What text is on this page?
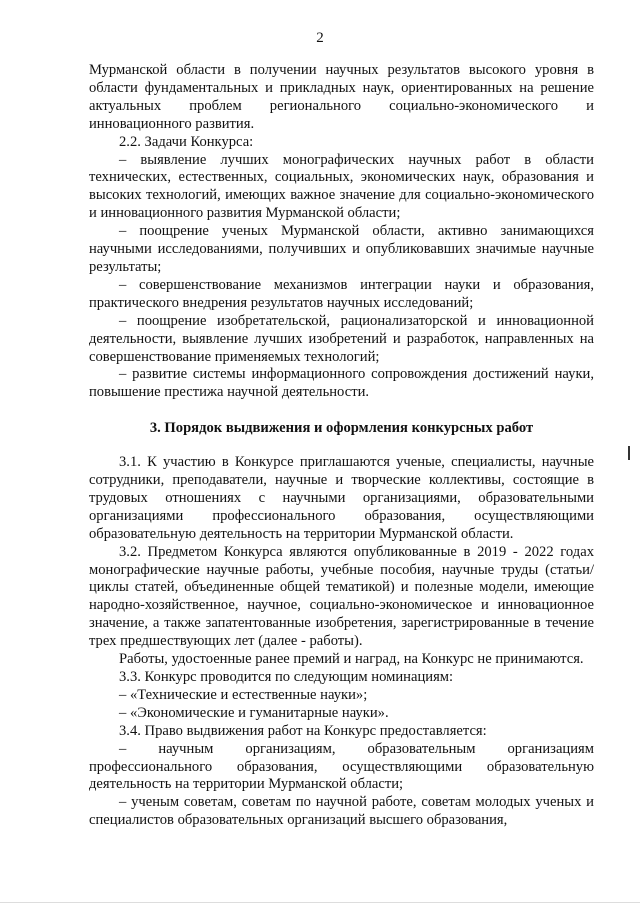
2

Мурманской области в получении научных результатов высокого уровня в области фундаментальных и прикладных наук, ориентированных на решение актуальных проблем регионального социально-экономического и инновационного развития.

2.2. Задачи Конкурса:

– выявление лучших монографических научных работ в области технических, естественных, социальных, экономических наук, образования и высоких технологий, имеющих важное значение для социально-экономического и инновационного развития Мурманской области;

– поощрение ученых Мурманской области, активно занимающихся научными исследованиями, получивших и опубликовавших значимые научные результаты;

– совершенствование механизмов интеграции науки и образования, практического внедрения результатов научных исследований;

– поощрение изобретательской, рационализаторской и инновационной деятельности, выявление лучших изобретений и разработок, направленных на совершенствование применяемых технологий;

– развитие системы информационного сопровождения достижений науки, повышение престижа научной деятельности.

3. Порядок выдвижения и оформления конкурсных работ

3.1. К участию в Конкурсе приглашаются ученые, специалисты, научные сотрудники, преподаватели, научные и творческие коллективы, состоящие в трудовых отношениях с научными организациями, образовательными организациями профессионального образования, осуществляющими образовательную деятельность на территории Мурманской области.

3.2. Предметом Конкурса являются опубликованные в 2019 - 2022 годах монографические научные работы, учебные пособия, научные труды (статьи/циклы статей, объединенные общей тематикой) и полезные модели, имеющие народно-хозяйственное, научное, социально-экономическое и инновационное значение, а также запатентованные изобретения, зарегистрированные в течение трех предшествующих лет (далее - работы).

Работы, удостоенные ранее премий и наград, на Конкурс не принимаются.

3.3. Конкурс проводится по следующим номинациям:

– «Технические и естественные науки»;

– «Экономические и гуманитарные науки».

3.4. Право выдвижения работ на Конкурс предоставляется:

– научным организациям, образовательным организациям профессионального образования, осуществляющими образовательную деятельность на территории Мурманской области;

– ученым советам, советам по научной работе, советам молодых ученых и специалистов образовательных организаций высшего образования,
